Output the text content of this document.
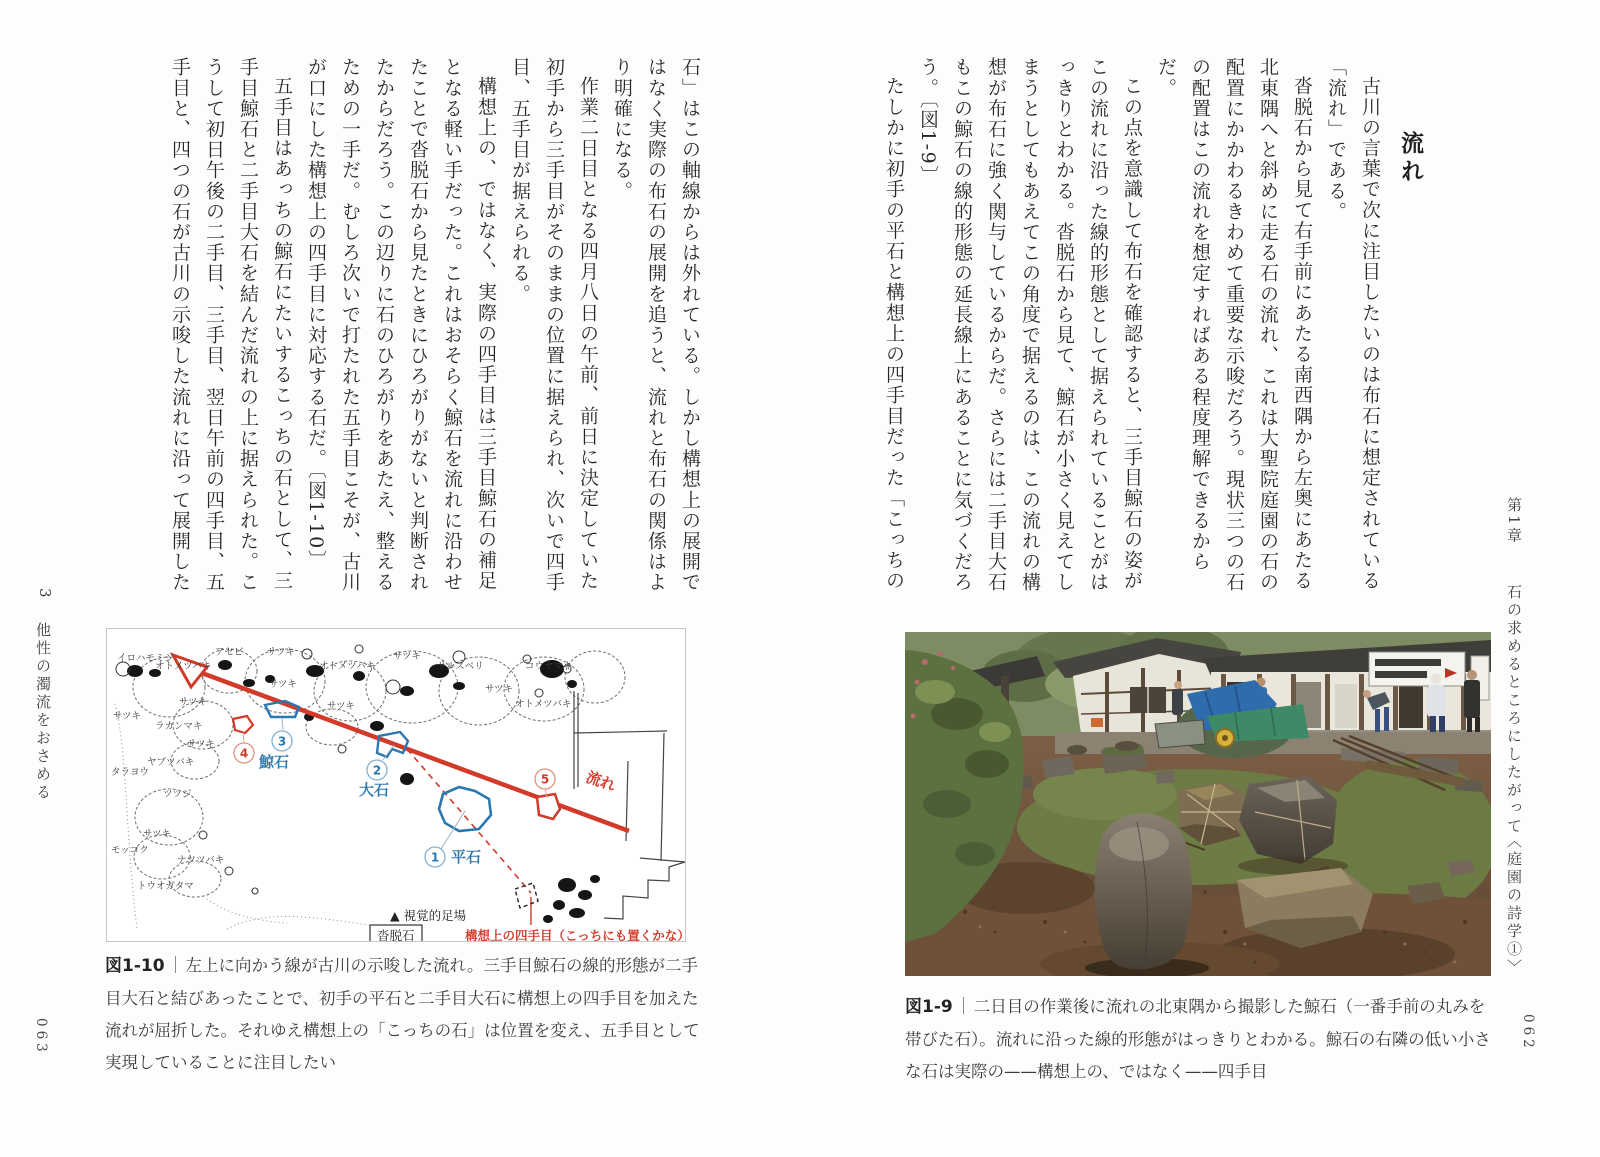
流れ

古川の言葉で次に注目したいのは布石に想定されている「流れ」である。

沓脱石から見て右手前にあたる南西隅から左奥にあたる北東隅へと斜めに走る石の流れ、これは大聖院庭園の石の配置にかかわるきわめて重要な示唆だろう。現状三つの石の配置はこの流れを想定すればある程度理解できるからだ。

この点を意識して布石を確認すると、三手目鯨石の姿がこの流れに沿った線的形態として据えられていることがはっきりとわかる。沓脱石から見て、鯨石が小さく見えてしまうとしてもあえてこの角度で据えるのは、この流れの構想が布石に強く関与しているからだ。さらには二手目大石もこの鯨石の線的形態の延長線上にあることに気づくだろう。〔図1-9〕

たしかに初手の平石と構想上の四手目だった「こっちの	第1章
石の求めるところにしたがって
〈庭園の詩学①〉
062

図1-9 二日目の作業後に流れの北東隅から撮影した鯨石（一番手前の丸みを帯びた石）。流れに沿った線的形態がはっきりとわかる。鯨石の右隣の低い小さな石は実際の——構想上の、ではなく——四手目

石」はこの軸線からは外れている。しかし構想上の展開ではなく実際の布石の展開を追うと、流れと布石の関係はより明確になる。

作業二日目となる四月八日の午前、前日に決定していた初手から三手目がそのままの位置に据えられ、次いで四手目、五手目が据えられる。

構想上の、ではなく、実際の四手目は三手目鯨石の補足となる軽い手だった。これはおそらく鯨石を流れに沿わせたことで沓脱石から見たときにひろがりがないと判断されたからだろう。この辺りに石のひろがりをあたえ、整えるための一手だ。むしろ次いで打たれた五手目こそが、古川が口にした構想上の四手目に対応する石だ。〔図1-10〕

五手目はあっちの鯨石にたいするこっちの石として、三手目鯨石と二手目大石を結んだ流れの上に据えられた。こうして初日午後の二手目、三手目、翌日午前の四手目、五手目と、四つの石が古川の示唆した流れに沿って展開した

3
他性の濁流をおさめる
063
1
2
3
4
5
平石
大石
鯨石
流れ
▲ 視覚的足場
沓脱石	構想上の四手目（こっちにも置くかな）
イロハモミジ
オトメツバキ
アセビ サツキ
サツキ
オトメツバキ
サツキ
サツキ
サツキ
ラカンマキ
サツキ
タラヨウ
ヤブツバキ
サツキ
サルスベリ	コウヤマキ
サツキ
オトメツバキ
ツツジ
サツキ
モッコク
ナツツバキ
トウオガタマ

図1-10 左上に向かう線が古川の示唆した流れ。三手目鯨石の線的形態が二手目大石と結びあったことで、初手の平石と二手目大石に構想上の四手目を加えた流れが屈折した。それゆえ構想上の「こっちの石」は位置を変え、五手目として実現していることに注目したい
